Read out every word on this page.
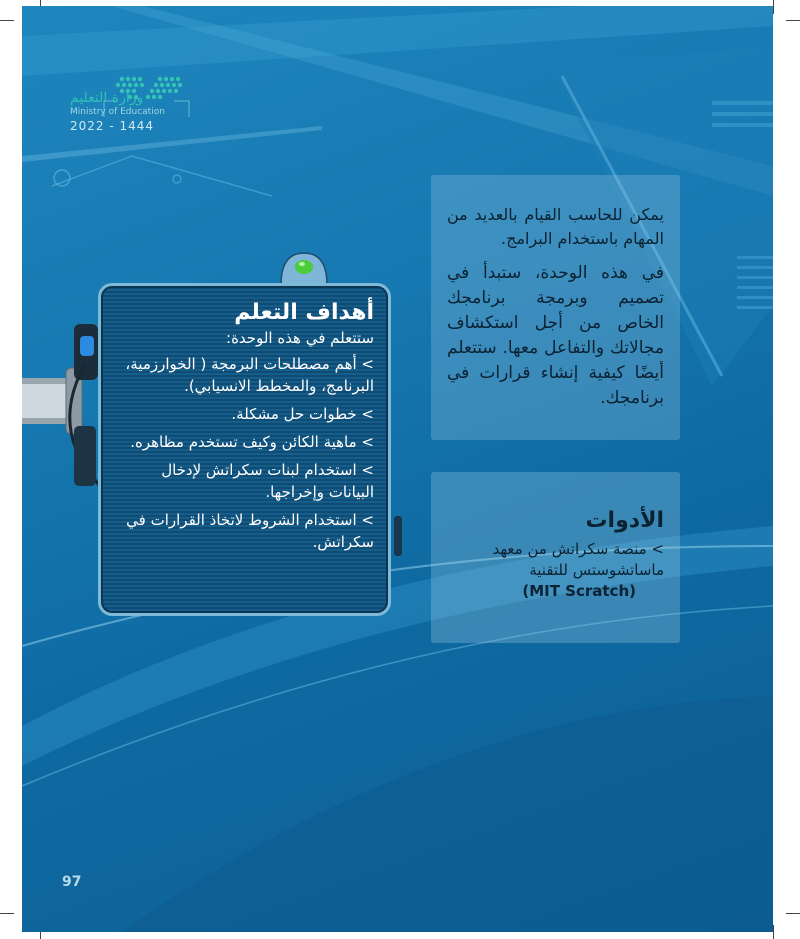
وزارة التعليم
Ministry of Education
2022 - 1444

يمكن للحاسب القيام بالعديد من المهام باستخدام البرامج.

في هذه الوحدة، ستبدأ في تصميم وبرمجة برنامجك الخاص من أجل استكشاف مجالاتك والتفاعل معها. ستتعلم أيضًا كيفية إنشاء قرارات في برنامجك.

الأدوات
> منصة سكراتش من معهد ماساتشوستس للتقنية
(MIT Scratch)
أهداف التعلم
ستتعلم في هذه الوحدة:
> أهم مصطلحات البرمجة ( الخوارزمية، البرنامج، والمخطط الانسيابي).
> خطوات حل مشكلة.
> ماهية الكائن وكيف تستخدم مظاهره.
> استخدام لبنات سكراتش لإدخال البيانات وإخراجها.
> استخدام الشروط لاتخاذ القرارات في سكراتش.
97
